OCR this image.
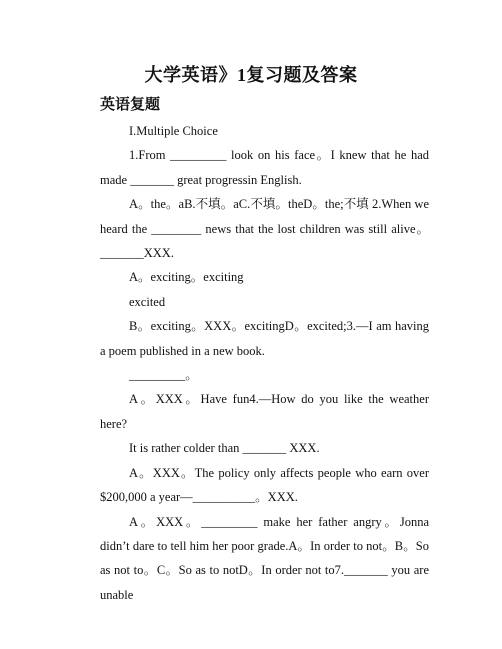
大学英语》1复习题及答案
英语复题

I.Multiple Choice

1.From _________ look on his face。I knew that he had made _______ great progressin English.

A。the。aB.不填。aC.不填。theD。the;不填 2.When we heard the ________ news that the lost children was still alive。_______XXX.

A。exciting。exciting

excited

B。exciting。XXX。excitingD。excited;3.—I am having a poem published in a new book.

_________。

A。XXX。Have fun4.—How do you like the weather here?

It is rather colder than _______ XXX.

A。XXX。The policy only affects people who earn over $200,000 a year—__________。XXX.

A。XXX。_________ make her father angry。Jonna didn’t dare to tell him her poor grade.A。In order to not。B。So as not to。C。So as to notD。In order not to7._______ you are unable
